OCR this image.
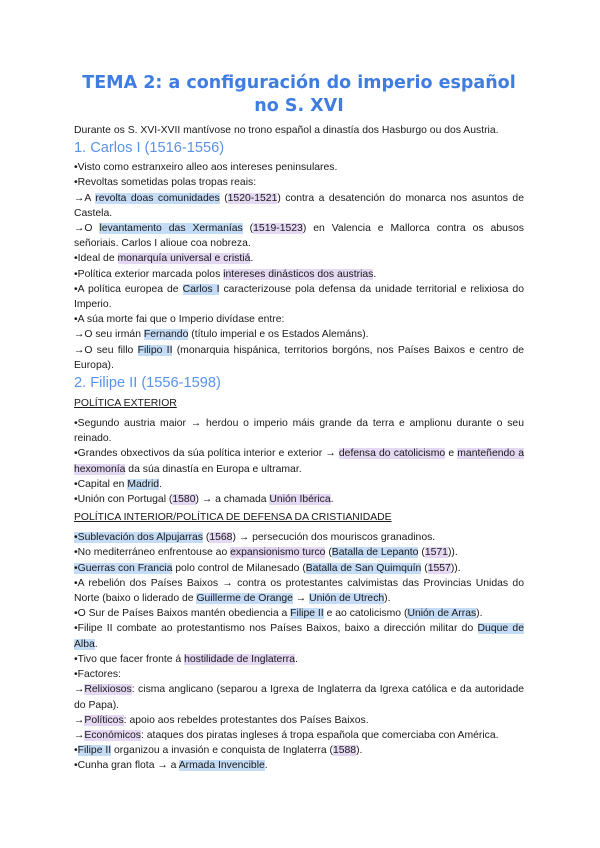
TEMA 2: a configuración do imperio español
no S. XVI

Durante os S. XVI-XVII mantívose no trono español a dinastía dos Hasburgo ou dos Austria.

1. Carlos I (1516-1556)

•Visto como estranxeiro alleo aos intereses peninsulares.

•Revoltas sometidas polas tropas reais:

→A revolta doas comunidades (1520-1521) contra a desatención do monarca nos asuntos de Castela.

→O levantamento das Xermanías (1519-1523) en Valencia e Mallorca contra os abusos señoriais. Carlos I alioue coa nobreza.

•Ideal de monarquía universal e cristiá.

•Política exterior marcada polos intereses dinásticos dos austrias.

•A política europea de Carlos I caracterizouse pola defensa da unidade territorial e relixiosa do Imperio.

•A súa morte fai que o Imperio divídase entre:

→O seu irmán Fernando (título imperial e os Estados Alemáns).

→O seu fillo Filipo II (monarquia hispánica, territorios borgóns, nos Países Baixos e centro de Europa).

2. Filipe II (1556-1598)
POLÍTICA EXTERIOR

•Segundo austria maior → herdou o imperio máis grande da terra e amplionu durante o seu reinado.

•Grandes obxectivos da súa política interior e exterior → defensa do catolicismo e manteñendo a hexomonía da súa dinastía en Europa e ultramar.

•Capital en Madrid.

•Unión con Portugal (1580) → a chamada Unión Ibérica.

POLÍTICA INTERIOR/POLÍTICA DE DEFENSA DA CRISTIANIDADE

•Sublevación dos Alpujarras (1568) → persecución dos mouriscos granadinos.

•No mediterráneo enfrentouse ao expansionismo turco (Batalla de Lepanto (1571)).

•Guerras con Francia polo control de Milanesado (Batalla de San Quimquín (1557)).

•A rebelión dos Países Baixos → contra os protestantes calvimistas das Provincias Unidas do Norte (baixo o liderado de Guillerme de Orange → Unión de Utrech).

•O Sur de Países Baixos mantén obediencia a Filipe II e ao catolicismo (Unión de Arras).

•Filipe II combate ao protestantismo nos Países Baixos, baixo a dirección militar do Duque de Alba.

•Tivo que facer fronte á hostilidade de Inglaterra.

•Factores:

→Relixiosos: cisma anglicano (separou a Igrexa de Inglaterra da Igrexa católica e da autoridade do Papa).

→Políticos: apoio aos rebeldes protestantes dos Países Baixos.

→Económicos: ataques dos piratas ingleses á tropa española que comerciaba con América.

•Filipe II organizou a invasión e conquista de Inglaterra (1588).

•Cunha gran flota → a Armada Invencible.
